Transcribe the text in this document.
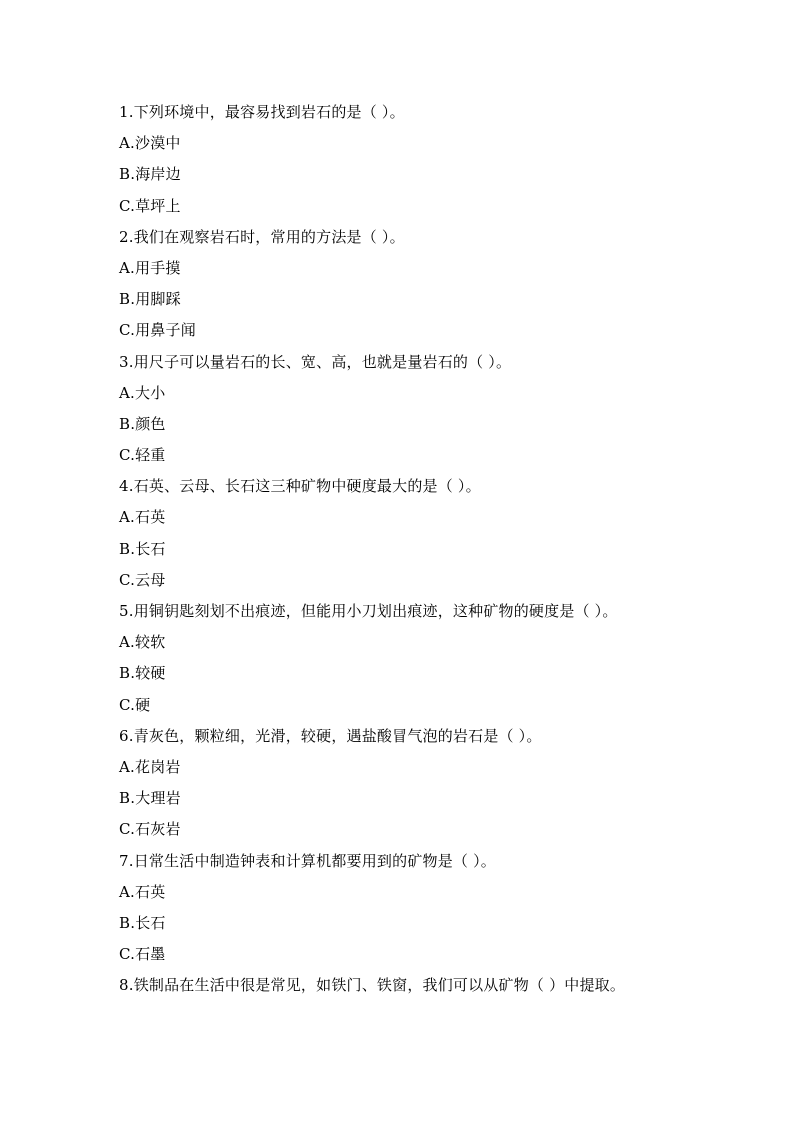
1.下列环境中，最容易找到岩石的是（ ）。
A.沙漠中
B.海岸边
C.草坪上
2.我们在观察岩石时，常用的方法是（ ）。
A.用手摸
B.用脚踩
C.用鼻子闻
3.用尺子可以量岩石的长、宽、高，也就是量岩石的（ ）。
A.大小
B.颜色
C.轻重
4.石英、云母、长石这三种矿物中硬度最大的是（ ）。
A.石英
B.长石
C.云母
5.用铜钥匙刻划不出痕迹，但能用小刀划出痕迹，这种矿物的硬度是（ ）。
A.较软
B.较硬
C.硬
6.青灰色，颗粒细，光滑，较硬，遇盐酸冒气泡的岩石是（ ）。
A.花岗岩
B.大理岩
C.石灰岩
7.日常生活中制造钟表和计算机都要用到的矿物是（ ）。
A.石英
B.长石
C.石墨
8.铁制品在生活中很是常见，如铁门、铁窗，我们可以从矿物（ ）中提取。
